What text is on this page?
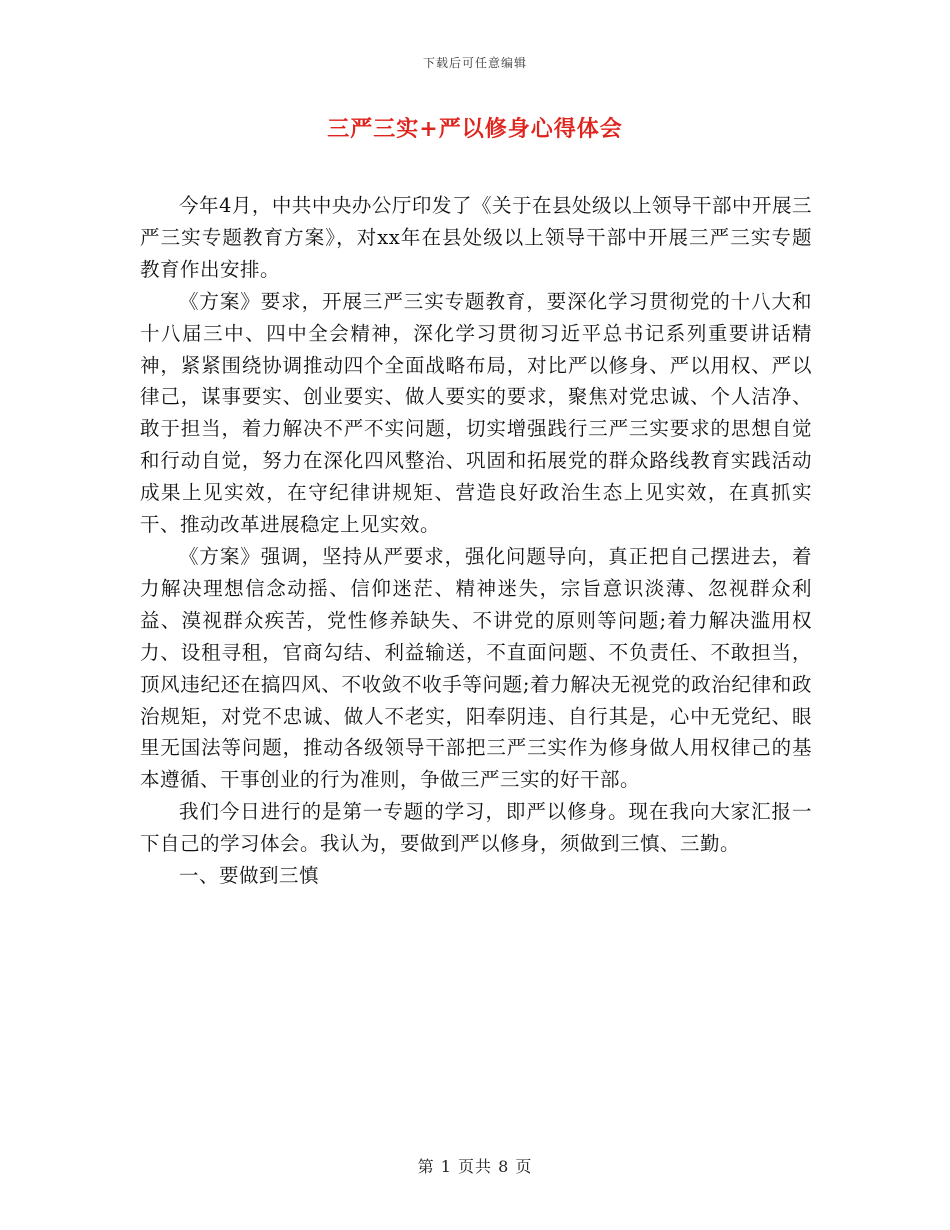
下载后可任意编辑
三严三实+严以修身心得体会

今年4月，中共中央办公厅印发了《关于在县处级以上领导干部中开展三严三实专题教育方案》，对xx年在县处级以上领导干部中开展三严三实专题教育作出安排。

《方案》要求，开展三严三实专题教育，要深化学习贯彻党的十八大和十八届三中、四中全会精神，深化学习贯彻习近平总书记系列重要讲话精神，紧紧围绕协调推动四个全面战略布局，对比严以修身、严以用权、严以律己，谋事要实、创业要实、做人要实的要求，聚焦对党忠诚、个人洁净、敢于担当，着力解决不严不实问题，切实增强践行三严三实要求的思想自觉和行动自觉，努力在深化四风整治、巩固和拓展党的群众路线教育实践活动成果上见实效，在守纪律讲规矩、营造良好政治生态上见实效，在真抓实干、推动改革进展稳定上见实效。

《方案》强调，坚持从严要求，强化问题导向，真正把自己摆进去，着力解决理想信念动摇、信仰迷茫、精神迷失，宗旨意识淡薄、忽视群众利益、漠视群众疾苦，党性修养缺失、不讲党的原则等问题;着力解决滥用权力、设租寻租，官商勾结、利益输送，不直面问题、不负责任、不敢担当，顶风违纪还在搞四风、不收敛不收手等问题;着力解决无视党的政治纪律和政治规矩，对党不忠诚、做人不老实，阳奉阴违、自行其是，心中无党纪、眼里无国法等问题，推动各级领导干部把三严三实作为修身做人用权律己的基本遵循、干事创业的行为准则，争做三严三实的好干部。

我们今日进行的是第一专题的学习，即严以修身。现在我向大家汇报一下自己的学习体会。我认为，要做到严以修身，须做到三慎、三勤。

一、要做到三慎

第 1 页共 8 页
